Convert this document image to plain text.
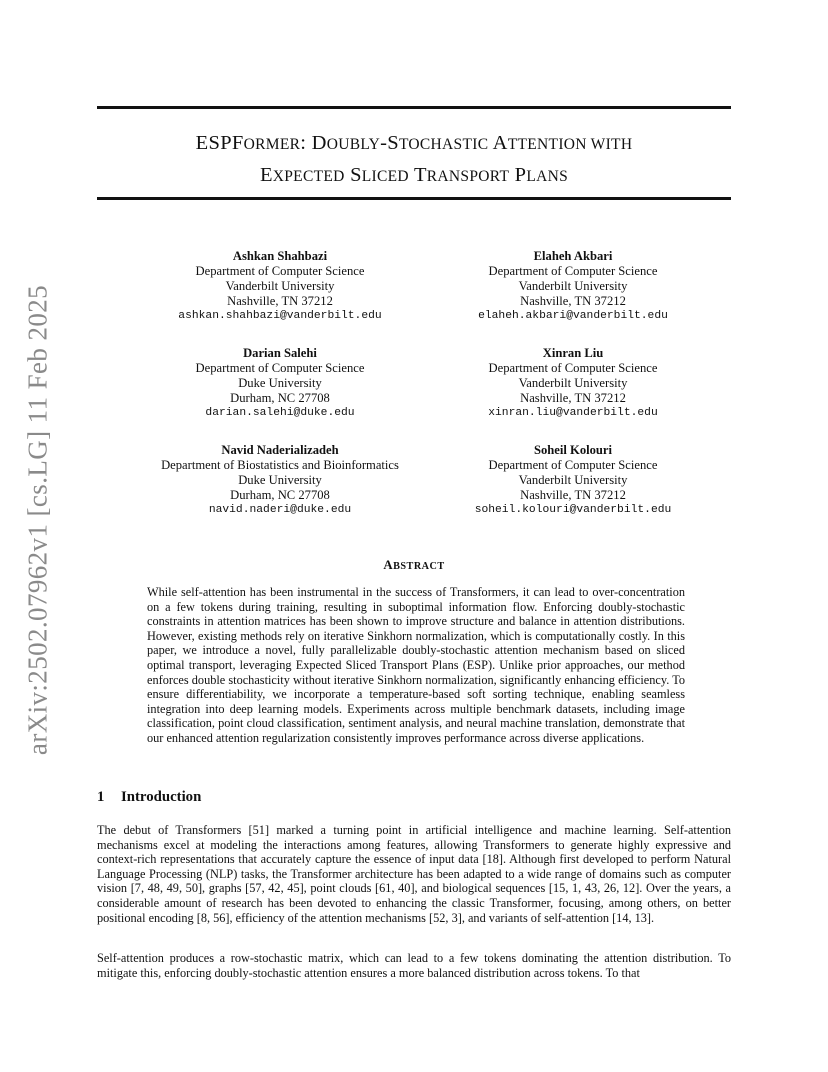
arXiv:2502.07962v1 [cs.LG] 11 Feb 2025
ESPFORMER: DOUBLY-STOCHASTIC ATTENTION WITH
EXPECTED SLICED TRANSPORT PLANS
Ashkan Shahbazi
Department of Computer Science
Vanderbilt University
Nashville, TN 37212
ashkan.shahbazi@vanderbilt.edu
Elaheh Akbari
Department of Computer Science
Vanderbilt University
Nashville, TN 37212
elaheh.akbari@vanderbilt.edu
Darian Salehi
Department of Computer Science
Duke University
Durham, NC 27708
darian.salehi@duke.edu
Xinran Liu
Department of Computer Science
Vanderbilt University
Nashville, TN 37212
xinran.liu@vanderbilt.edu
Navid Naderializadeh
Department of Biostatistics and Bioinformatics
Duke University
Durham, NC 27708
navid.naderi@duke.edu
Soheil Kolouri
Department of Computer Science
Vanderbilt University
Nashville, TN 37212
soheil.kolouri@vanderbilt.edu
ABSTRACT
While self-attention has been instrumental in the success of Transformers, it can lead to over-concentration on a few tokens during training, resulting in suboptimal information flow. Enforcing doubly-stochastic constraints in attention matrices has been shown to improve structure and balance in attention distributions. However, existing methods rely on iterative Sinkhorn normalization, which is computationally costly. In this paper, we introduce a novel, fully parallelizable doubly-stochastic attention mechanism based on sliced optimal transport, leveraging Expected Sliced Transport Plans (ESP). Unlike prior approaches, our method enforces double stochasticity without iterative Sinkhorn normalization, significantly enhancing efficiency. To ensure differentiability, we incorporate a temperature-based soft sorting technique, enabling seamless integration into deep learning models. Experiments across multiple benchmark datasets, including image classification, point cloud classification, sentiment analysis, and neural machine translation, demonstrate that our enhanced attention regularization consistently improves performance across diverse applications.
1 Introduction
The debut of Transformers [51] marked a turning point in artificial intelligence and machine learning. Self-attention mechanisms excel at modeling the interactions among features, allowing Transformers to generate highly expressive and context-rich representations that accurately capture the essence of input data [18]. Although first developed to perform Natural Language Processing (NLP) tasks, the Transformer architecture has been adapted to a wide range of domains such as computer vision [7, 48, 49, 50], graphs [57, 42, 45], point clouds [61, 40], and biological sequences [15, 1, 43, 26, 12]. Over the years, a considerable amount of research has been devoted to enhancing the classic Transformer, focusing, among others, on better positional encoding [8, 56], efficiency of the attention mechanisms [52, 3], and variants of self-attention [14, 13].
Self-attention produces a row-stochastic matrix, which can lead to a few tokens dominating the attention distribution. To mitigate this, enforcing doubly-stochastic attention ensures a more balanced distribution across tokens. To that
